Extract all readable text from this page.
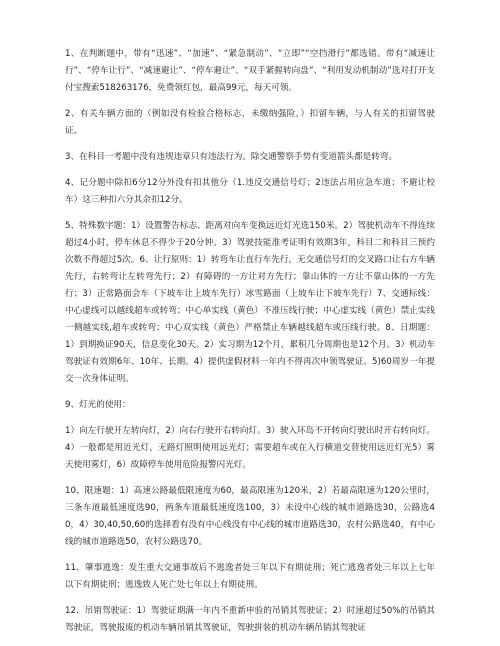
1、在判断题中，带有“迅速”、“加速”、“紧急制动”、“立即”“空挡滑行”都选错。带有“减速让行”、“停车让行”、“减速避让”、“停车避让”、“双手紧握转向盘”、“利用发动机制动”选对打开支付宝搜索518263176，免费领红包，最高99元，每天可领。

2、有关车辆方面的（例如没有检验合格标志，未缴纳强险，）扣留车辆，与人有关的扣留驾驶证。

3、在科目一考题中没有违规违章只有违法行为。除交通警察手势有变道箭头都是转弯。

4、记分题中除扣6分12分外没有扣其他分（1.违反交通信号灯；2违法占用应急车道；不避让校车）这三种扣六分其余扣12分。

5、特殊数字题：1）设置警告标志、距离对向车变换远近灯光选150米。2）驾驶机动车不得连续超过4小时，停车休息不得少于20分钟。3）驾驶技能准考证明有效期3年，科目二和科目三预约次数不得超过5次。6、让行原则：1）转弯车让直行车先行，无交通信号灯的交叉路口让右方车辆先行，右转弯让左转弯先行；2）有障碍的一方让对方先行；靠山体的一方让不靠山体的一方先行；3）正常路面会车（下坡车让上坡车先行）冰雪路面（上坡车让下坡车先行）7、交通标线：中心虚线可以越线超车或转弯；中心单实线（黄色）不准压线行驶；中心虚实线（黄色）禁止实线一侧越实线,超车或转弯；中心双实线（黄色）严格禁止车辆越线超车或压线行驶。8、日期题：1）到期换证90天，信息变化30天。2）实习期为12个月，累积几分周期也是12个月。3）机动车驾驶证有效期6年、10年、长期。4）提供虚假材料一年内不得再次申领驾驶证。5)60周岁一年提交一次身体证明。

9、灯光的使用：

1）向左行驶开左转向灯，2）向右行驶开右转向灯。3）驶入环岛不开转向灯驶出时开右转向灯。4）一般都是用近光灯，无路灯照明使用远光灯；需要超车或在入行横道交替使用远近灯光5）雾天使用雾灯，6）故障停车使用危险报警闪光灯。

10、限速题：1）高速公路最低限速度为60，最高限速为120米，2）若最高限速为120公里时，三条车道最低速度选90，两条车道最低速度选100，3）未设中心线的城市道路选30，公路选40，4）30,40,50,60的选择看有没有中心线没有中心线的城市道路选30，农村公路选40，有中心线的城市道路选50，农村公路选70。

11、肇事逃逸：发生重大交通事故后不逃逸者处三年以下有期徒刑；死亡逃逸者处三年以上七年以下有期徒刑；逃逸致人死亡处七年以上有期徒刑。

12、吊销驾驶证：1）驾驶证期满一年内不重新申验的吊销其驾驶证；2）时速超过50%的吊销其驾驶证，驾驶报废的机动车辆吊销其驾驶证，驾驶拼装的机动车辆吊销其驾驶证
